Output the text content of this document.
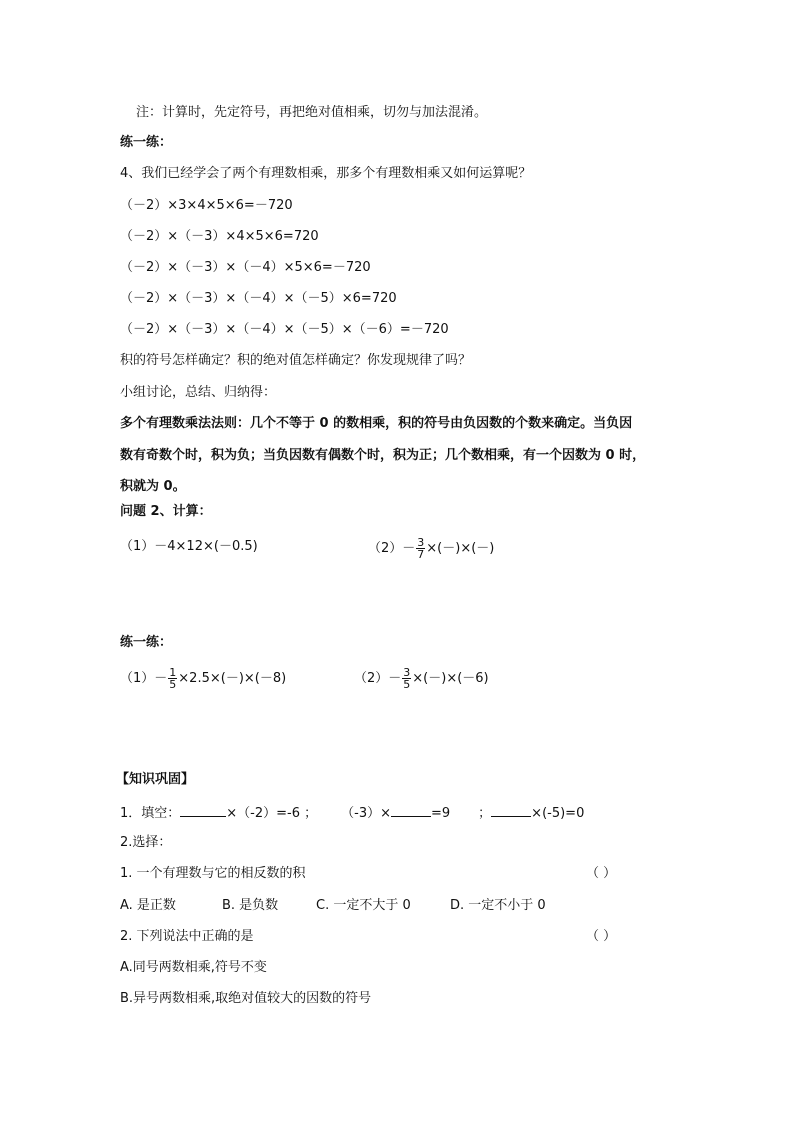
注：计算时，先定符号，再把绝对值相乘，切勿与加法混淆。
练一练：
4、我们已经学会了两个有理数相乘，那多个有理数相乘又如何运算呢？
（－2）×3×4×5×6=－720
（－2）×（－3）×4×5×6=720
（－2）×（－3）×（－4）×5×6=－720
（－2）×（－3）×（－4）×（－5）×6=720
（－2）×（－3）×（－4）×（－5）×（－6）=－720
积的符号怎样确定？积的绝对值怎样确定？你发现规律了吗？
小组讨论，总结、归纳得：
多个有理数乘法法则：几个不等于 0 的数相乘，积的符号由负因数的个数来确定。当负因
数有奇数个时，积为负；当负因数有偶数个时，积为正；几个数相乘，有一个因数为 0 时，
积就为 0。
问题 2、计算：
（1）－4×12×(－0.5)	$(2)- \frac{3}{7}$ ×(－)×(－)
练一练：
$(1)- \frac{1}{5} \times 2.5\times(-)\times(-8)$	$(2)- \frac{3}{5} \times(-)\times(-6)$
【知识巩固】
1．填空：	×（-2）=-6 ； （-3）×	=9 ；	×(-5)=0
2.选择：
1. 一个有理数与它的相反数的积	（ ）
A. 是正数	B. 是负数	C. 一定不大于 0	D. 一定不小于 0
2. 下列说法中正确的是	（ ）
A.同号两数相乘,符号不变
B.异号两数相乘,取绝对值较大的因数的符号
